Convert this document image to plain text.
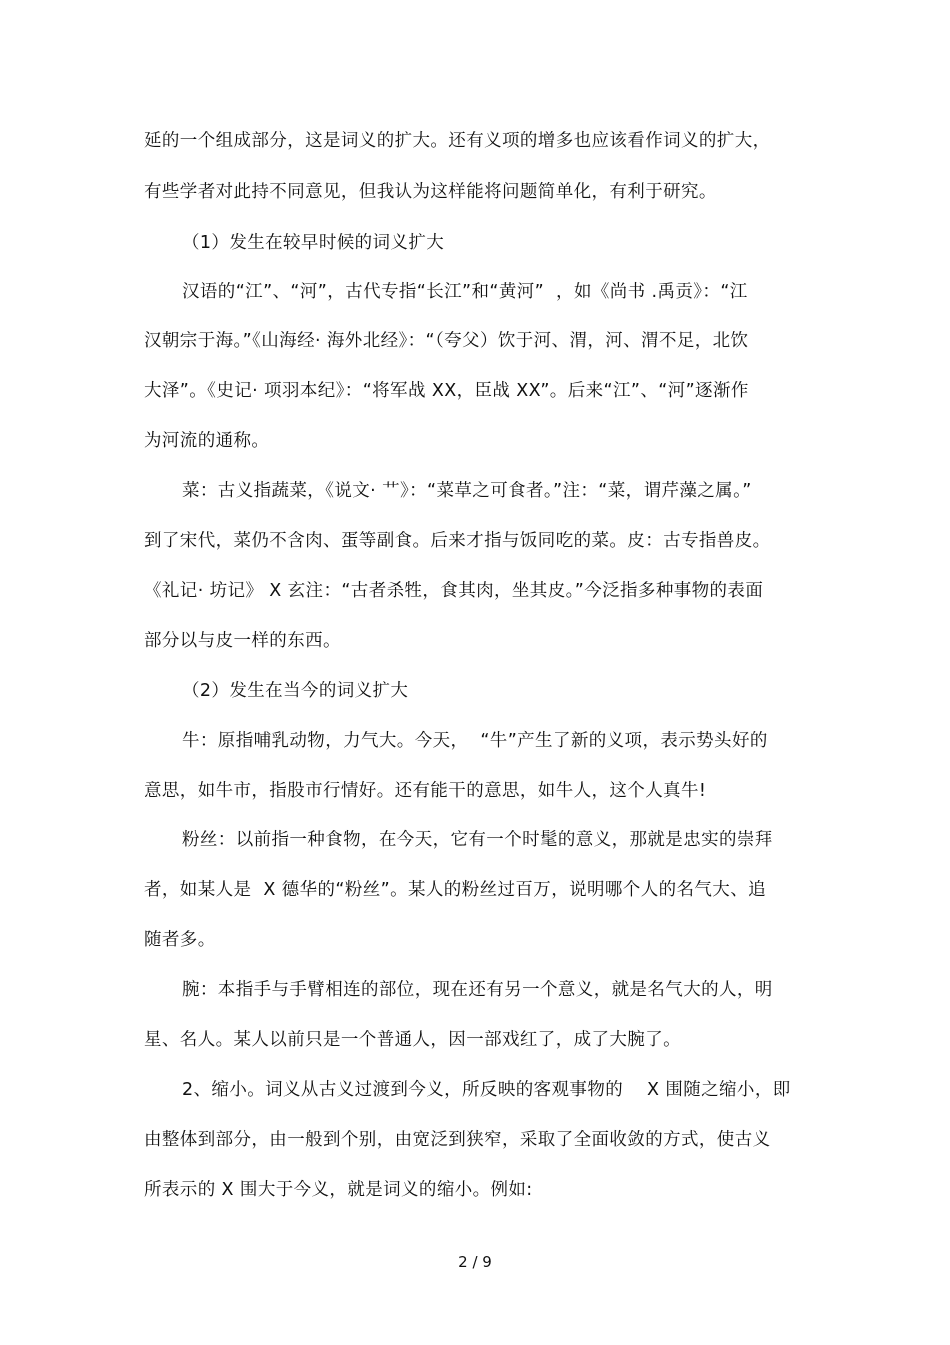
延的一个组成部分，这是词义的扩大。还有义项的增多也应该看作词义的扩大，
有些学者对此持不同意见，但我认为这样能将问题简单化，有利于研究。
（1）发生在较早时候的词义扩大
汉语的“江”、“河”，古代专指“长江”和“黄河”  ，如《尚书 .禹贡》：“江
汉朝宗于海。”《山海经· 海外北经》：“（夸父）饮于河、渭，河、渭不足，北饮
大泽”。《史记· 项羽本纪》：“将军战 XX，臣战 XX”。后来“江”、“河”逐渐作
为河流的通称。
菜：古义指蔬菜，《说文· 艹》：“菜草之可食者。”注：“菜，谓芹藻之属。”
到了宋代，菜仍不含肉、蛋等副食。后来才指与饭同吃的菜。皮：古专指兽皮。
《礼记· 坊记》 X 玄注：“古者杀牲，食其肉，坐其皮。”今泛指多种事物的表面
部分以与皮一样的东西。
（2）发生在当今的词义扩大
牛：原指哺乳动物，力气大。今天，  “牛”产生了新的义项，表示势头好的
意思，如牛市，指股市行情好。还有能干的意思，如牛人，这个人真牛!
粉丝：以前指一种食物，在今天，它有一个时髦的意义，那就是忠实的崇拜
者，如某人是  X 德华的“粉丝”。某人的粉丝过百万，说明哪个人的名气大、追
随者多。
腕：本指手与手臂相连的部位，现在还有另一个意义，就是名气大的人，明
星、名人。某人以前只是一个普通人，因一部戏红了，成了大腕了。
2、缩小。词义从古义过渡到今义，所反映的客观事物的    X 围随之缩小，即
由整体到部分，由一般到个别，由宽泛到狭窄，采取了全面收敛的方式，使古义
所表示的 X 围大于今义，就是词义的缩小。例如:
2 / 9
